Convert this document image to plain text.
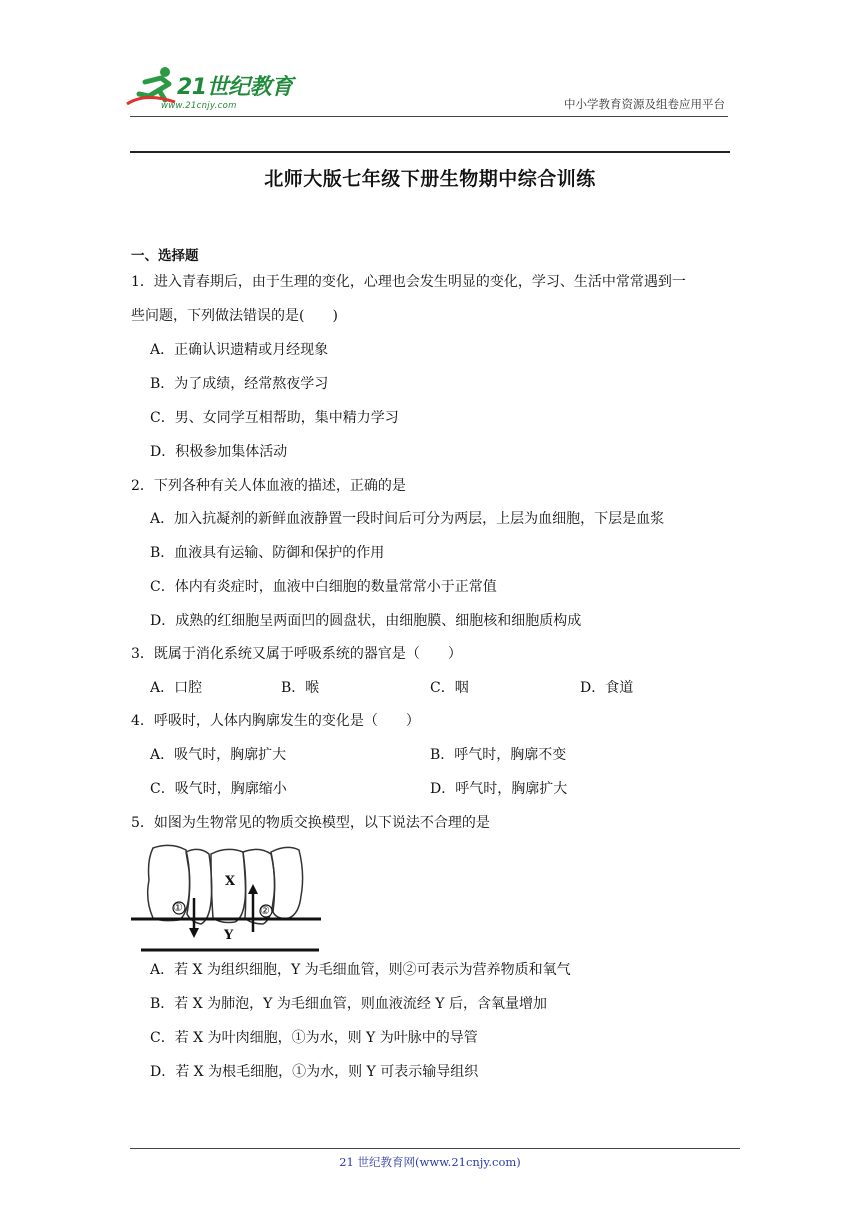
21世纪教育
www.21cnjy.com	中小学教育资源及组卷应用平台
北师大版七年级下册生物期中综合训练
一、选择题
1．进入青春期后，由于生理的变化，心理也会发生明显的变化，学习、生活中常常遇到一
些问题，下列做法错误的是(　　)
A．正确认识遗精或月经现象
B．为了成绩，经常熬夜学习
C．男、女同学互相帮助，集中精力学习
D．积极参加集体活动
2．下列各种有关人体血液的描述，正确的是
A．加入抗凝剂的新鲜血液静置一段时间后可分为两层，上层为血细胞，下层是血浆
B．血液具有运输、防御和保护的作用
C．体内有炎症时，血液中白细胞的数量常常小于正常值
D．成熟的红细胞呈两面凹的圆盘状，由细胞膜、细胞核和细胞质构成
3．既属于消化系统又属于呼吸系统的器官是（　　）
A．口腔	B．喉	C．咽	D．食道
4．呼吸时，人体内胸廓发生的变化是（　　）
A．吸气时，胸廓扩大	B．呼气时，胸廓不变
C．吸气时，胸廓缩小	D．呼气时，胸廓扩大
5．如图为生物常见的物质交换模型，以下说法不合理的是
①	②
X
Y
A．若 X 为组织细胞，Y 为毛细血管，则②可表示为营养物质和氧气
B．若 X 为肺泡，Y 为毛细血管，则血液流经 Y 后，含氧量增加
C．若 X 为叶肉细胞，①为水，则 Y 为叶脉中的导管
D．若 X 为根毛细胞，①为水，则 Y 可表示输导组织
21 世纪教育网(www.21cnjy.com)
